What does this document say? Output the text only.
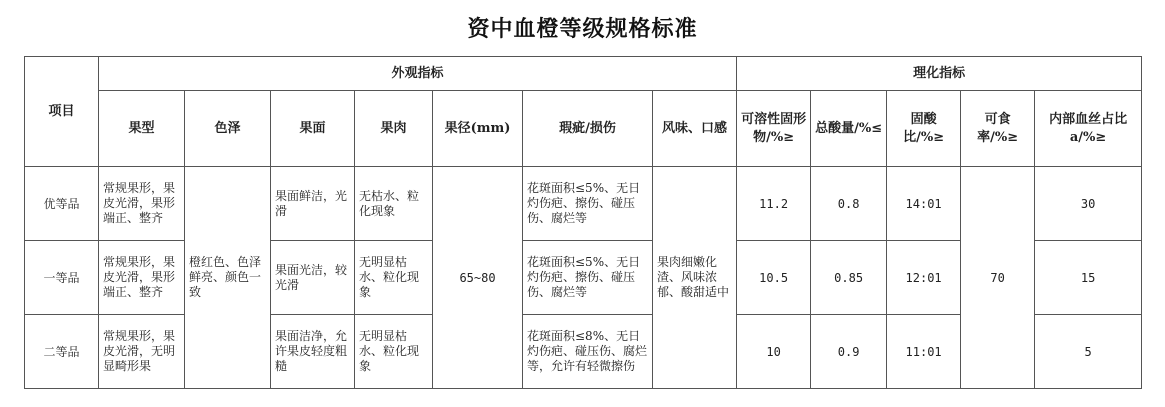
资中血橙等级规格标准
项目	外观指标							理化指标				
	果型	色泽	果面	果肉	果径(mm)	瑕疵/损伤	风味、口感	可溶性固形物/%≥	总酸量/%≤	固酸比/%≥	可食率/%≥	内部血丝占比a/%≥
优等品	常规果形，果皮光滑，果形端正、整齐	橙红色、色泽鲜亮、颜色一致	果面鲜洁，光滑	无枯水、粒化现象	65~80	花斑面积≤5%、无日灼伤疤、擦伤、碰压伤、腐烂等	果肉细嫩化渣、风味浓郁、酸甜适中	11.2	0.8	14:01	70	30
一等品	常规果形，果皮光滑，果形端正、整齐		果面光洁，较光滑	无明显枯水、粒化现象		花斑面积≤5%、无日灼伤疤、擦伤、碰压伤、腐烂等		10.5	0.85	12:01		15
二等品	常规果形，果皮光滑，无明显畸形果		果面洁净，允许果皮轻度粗糙	无明显枯水、粒化现象		花斑面积≤8%、无日灼伤疤、碰压伤、腐烂等，允许有轻微擦伤		10	0.9	11:01		5
